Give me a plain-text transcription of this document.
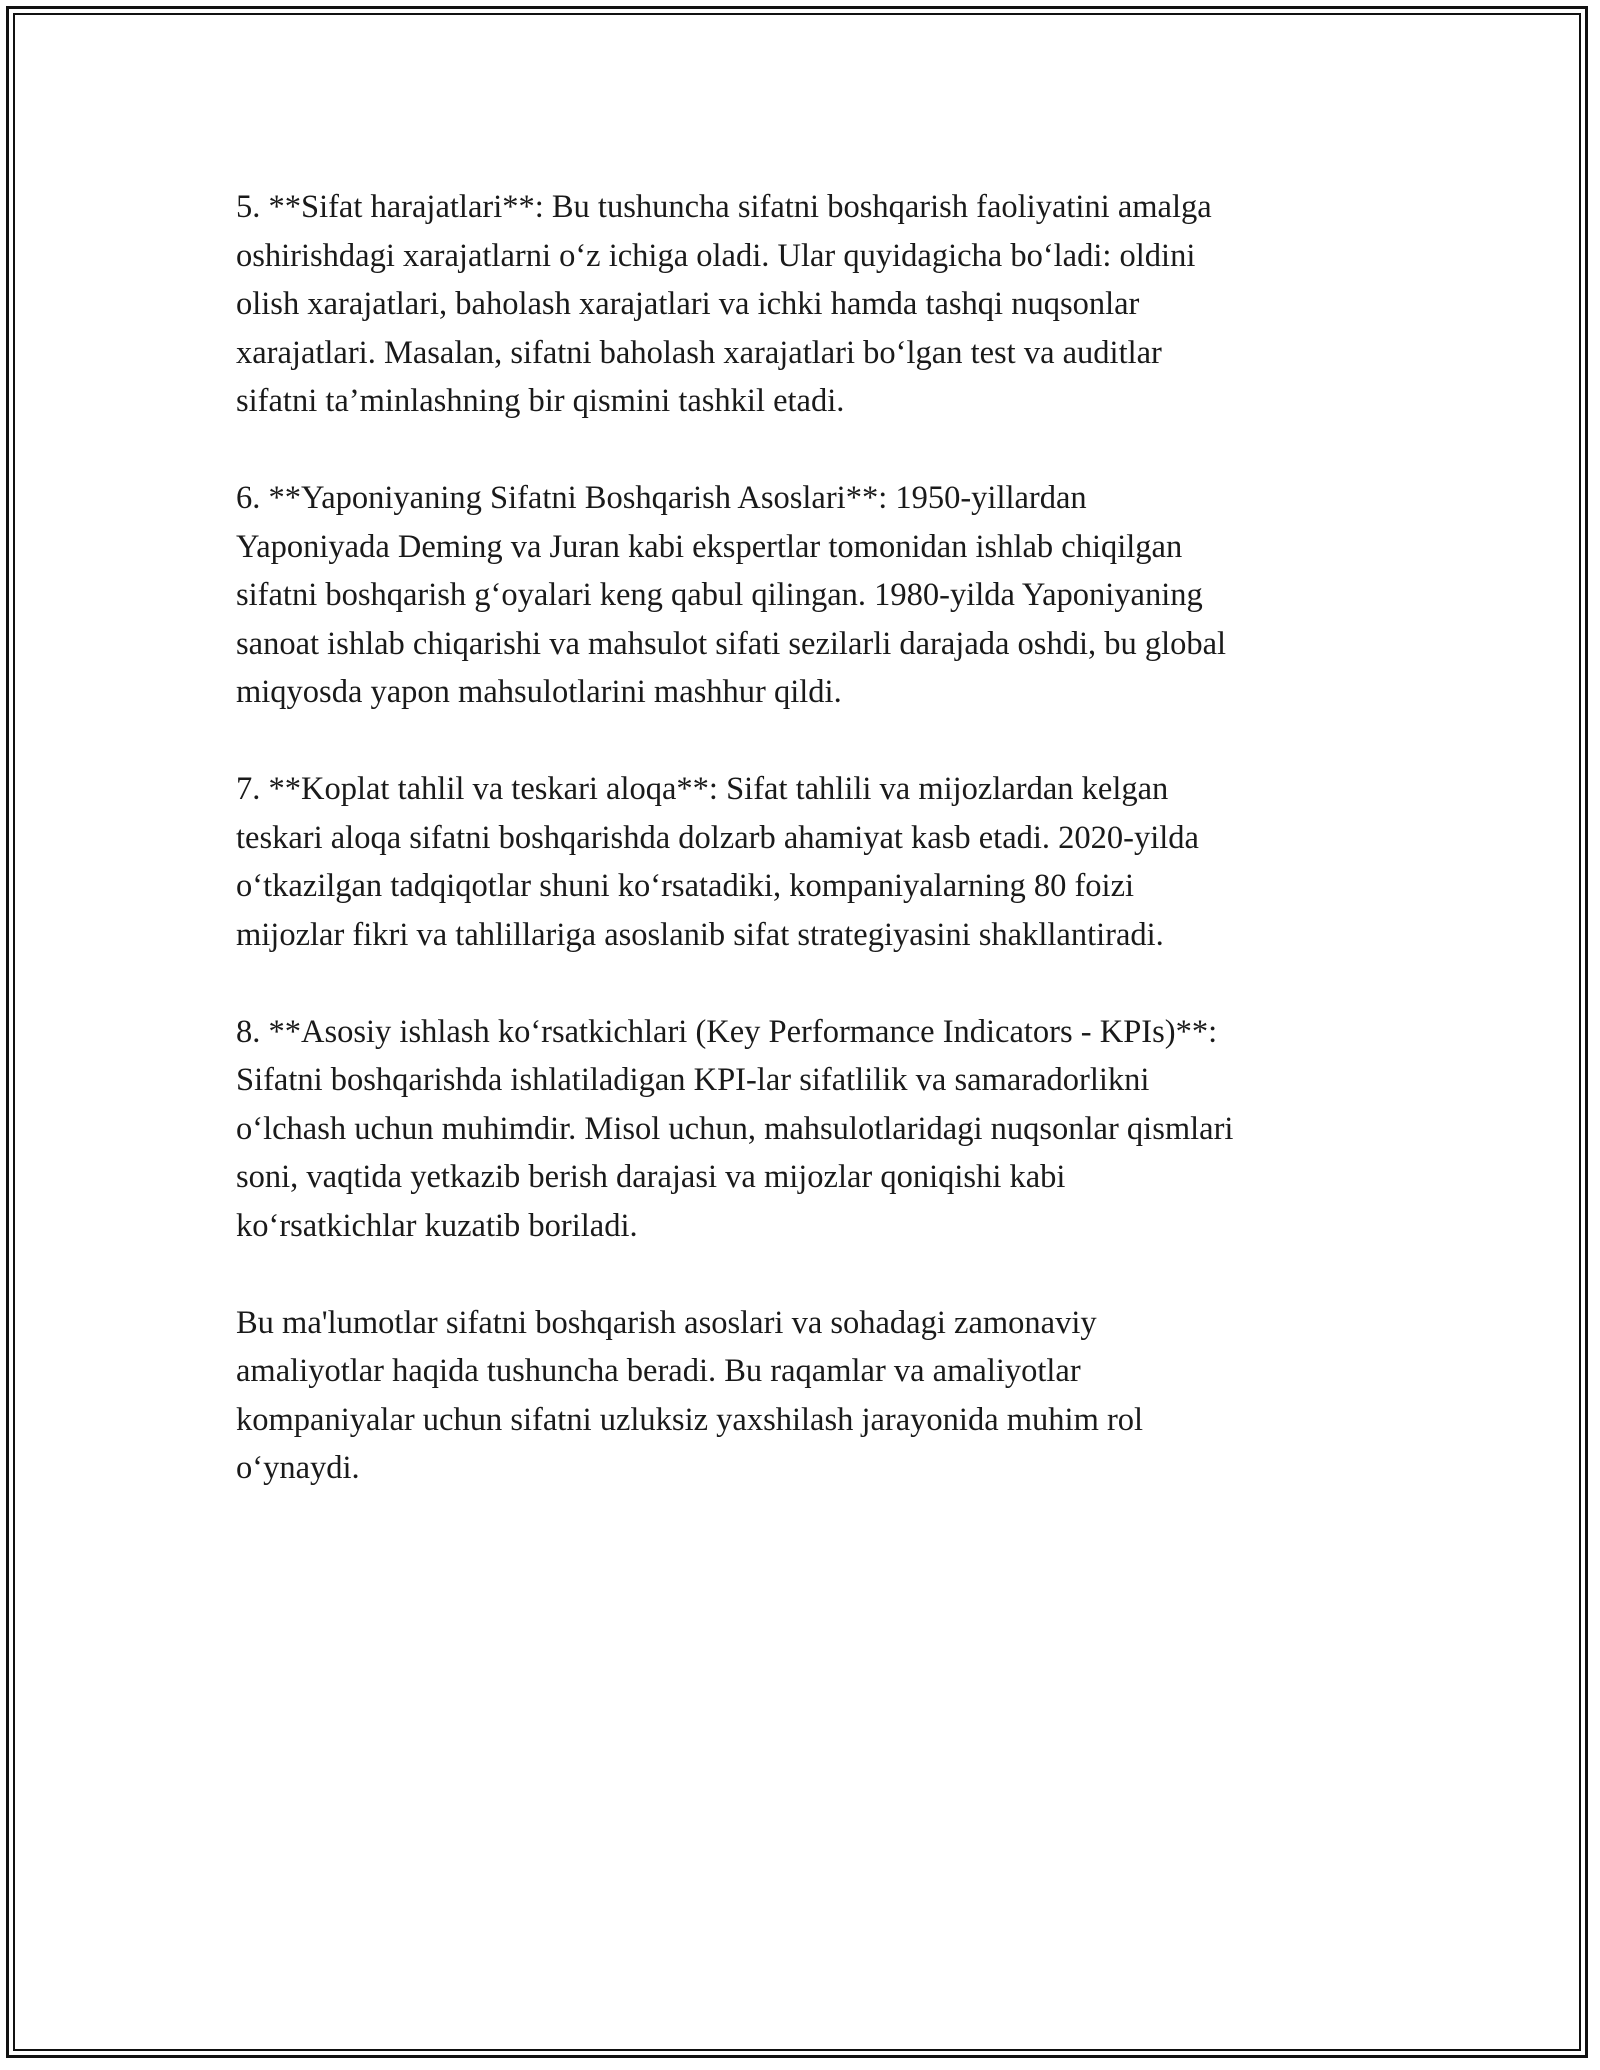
5. **Sifat harajatlari**: Bu tushuncha sifatni boshqarish faoliyatini amalga
oshirishdagi xarajatlarni o‘z ichiga oladi. Ular quyidagicha bo‘ladi: oldini
olish xarajatlari, baholash xarajatlari va ichki hamda tashqi nuqsonlar
xarajatlari. Masalan, sifatni baholash xarajatlari bo‘lgan test va auditlar
sifatni ta’minlashning bir qismini tashkil etadi.

6. **Yaponiyaning Sifatni Boshqarish Asoslari**: 1950-yillardan
Yaponiyada Deming va Juran kabi ekspertlar tomonidan ishlab chiqilgan
sifatni boshqarish g‘oyalari keng qabul qilingan. 1980-yilda Yaponiyaning
sanoat ishlab chiqarishi va mahsulot sifati sezilarli darajada oshdi, bu global
miqyosda yapon mahsulotlarini mashhur qildi.

7. **Koplat tahlil va teskari aloqa**: Sifat tahlili va mijozlardan kelgan
teskari aloqa sifatni boshqarishda dolzarb ahamiyat kasb etadi. 2020-yilda
o‘tkazilgan tadqiqotlar shuni ko‘rsatadiki, kompaniyalarning 80 foizi
mijozlar fikri va tahlillariga asoslanib sifat strategiyasini shakllantiradi.

8. **Asosiy ishlash ko‘rsatkichlari (Key Performance Indicators - KPIs)**:
Sifatni boshqarishda ishlatiladigan KPI-lar sifatlilik va samaradorlikni
o‘lchash uchun muhimdir. Misol uchun, mahsulotlaridagi nuqsonlar qismlari
soni, vaqtida yetkazib berish darajasi va mijozlar qoniqishi kabi
ko‘rsatkichlar kuzatib boriladi.

Bu ma'lumotlar sifatni boshqarish asoslari va sohadagi zamonaviy
amaliyotlar haqida tushuncha beradi. Bu raqamlar va amaliyotlar
kompaniyalar uchun sifatni uzluksiz yaxshilash jarayonida muhim rol
o‘ynaydi.
